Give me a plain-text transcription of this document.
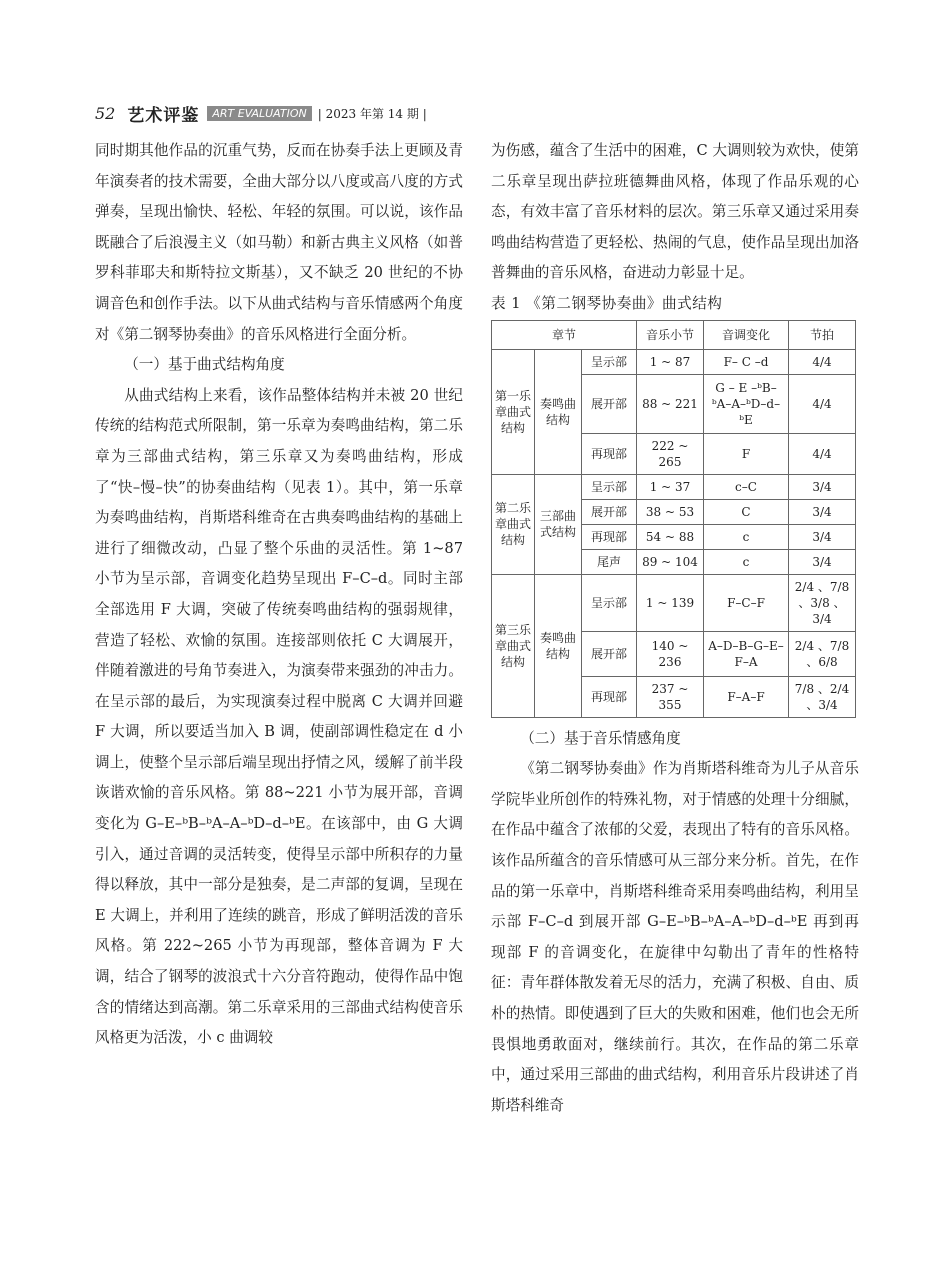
52 艺术评鉴	ART EVALUATION | 2023 年第 14 期 |

同时期其他作品的沉重气势，反而在协奏手法上更顾及青年演奏者的技术需要，全曲大部分以八度或高八度的方式弹奏，呈现出愉快、轻松、年轻的氛围。可以说，该作品既融合了后浪漫主义（如马勒）和新古典主义风格（如普罗科菲耶夫和斯特拉文斯基），又不缺乏 20 世纪的不协调音色和创作手法。以下从曲式结构与音乐情感两个角度对《第二钢琴协奏曲》的音乐风格进行全面分析。

（一）基于曲式结构角度

从曲式结构上来看，该作品整体结构并未被 20 世纪传统的结构范式所限制，第一乐章为奏鸣曲结构，第二乐章为三部曲式结构，第三乐章又为奏鸣曲结构，形成了“快–慢–快”的协奏曲结构（见表 1）。其中，第一乐章为奏鸣曲结构，肖斯塔科维奇在古典奏鸣曲结构的基础上进行了细微改动，凸显了整个乐曲的灵活性。第 1~87 小节为呈示部，音调变化趋势呈现出 F–C–d。同时主部全部选用 F 大调，突破了传统奏鸣曲结构的强弱规律，营造了轻松、欢愉的氛围。连接部则依托 C 大调展开，伴随着激进的号角节奏进入，为演奏带来强劲的冲击力。在呈示部的最后，为实现演奏过程中脱离 C 大调并回避 F 大调，所以要适当加入 B 调，使副部调性稳定在 d 小调上，使整个呈示部后端呈现出抒情之风，缓解了前半段诙谐欢愉的音乐风格。第 88~221 小节为展开部，音调变化为 G–E–ᵇB–ᵇA–A–ᵇD–d–ᵇE。在该部中，由 G 大调引入，通过音调的灵活转变，使得呈示部中所积存的力量得以释放，其中一部分是独奏，是二声部的复调，呈现在 E 大调上，并利用了连续的跳音，形成了鲜明活泼的音乐风格。第 222~265 小节为再现部，整体音调为 F 大调，结合了钢琴的波浪式十六分音符跑动，使得作品中饱含的情绪达到高潮。第二乐章采用的三部曲式结构使音乐风格更为活泼，小 c 曲调较

为伤感，蕴含了生活中的困难，C 大调则较为欢快，使第二乐章呈现出萨拉班德舞曲风格，体现了作品乐观的心态，有效丰富了音乐材料的层次。第三乐章又通过采用奏鸣曲结构营造了更轻松、热闹的气息，使作品呈现出加洛普舞曲的音乐风格，奋进动力彰显十足。

表 1 《第二钢琴协奏曲》曲式结构

章节			音乐小节	音调变化	节拍
第一乐章曲式结构	奏鸣曲结构	呈示部	1 ~ 87	F– C –d	4/4
		展开部	88 ~ 221	G – E –ᵇB–ᵇA–A–ᵇD–d–ᵇE	4/4
		再现部	222 ~ 265	F	4/4
第二乐章曲式结构	三部曲式结构	呈示部	1 ~ 37	c–C	3/4
		展开部	38 ~ 53	C	3/4
		再现部	54 ~ 88	c	3/4
		尾声	89 ~ 104	c	3/4
第三乐章曲式结构	奏鸣曲结构	呈示部	1 ~ 139	F–C–F	2/4 、7/8 、3/8 、3/4
		展开部	140 ~ 236	A–D–B–G–E–F–A	2/4 、7/8 、6/8
		再现部	237 ~ 355	F–A–F	7/8 、2/4 、3/4

（二）基于音乐情感角度

《第二钢琴协奏曲》作为肖斯塔科维奇为儿子从音乐学院毕业所创作的特殊礼物，对于情感的处理十分细腻，在作品中蕴含了浓郁的父爱，表现出了特有的音乐风格。该作品所蕴含的音乐情感可从三部分来分析。首先，在作品的第一乐章中，肖斯塔科维奇采用奏鸣曲结构，利用呈示部 F–C–d 到展开部 G–E–ᵇB–ᵇA–A–ᵇD–d–ᵇE 再到再现部 F 的音调变化，在旋律中勾勒出了青年的性格特征：青年群体散发着无尽的活力，充满了积极、自由、质朴的热情。即使遇到了巨大的失败和困难，他们也会无所畏惧地勇敢面对，继续前行。其次，在作品的第二乐章中，通过采用三部曲的曲式结构，利用音乐片段讲述了肖斯塔科维奇
